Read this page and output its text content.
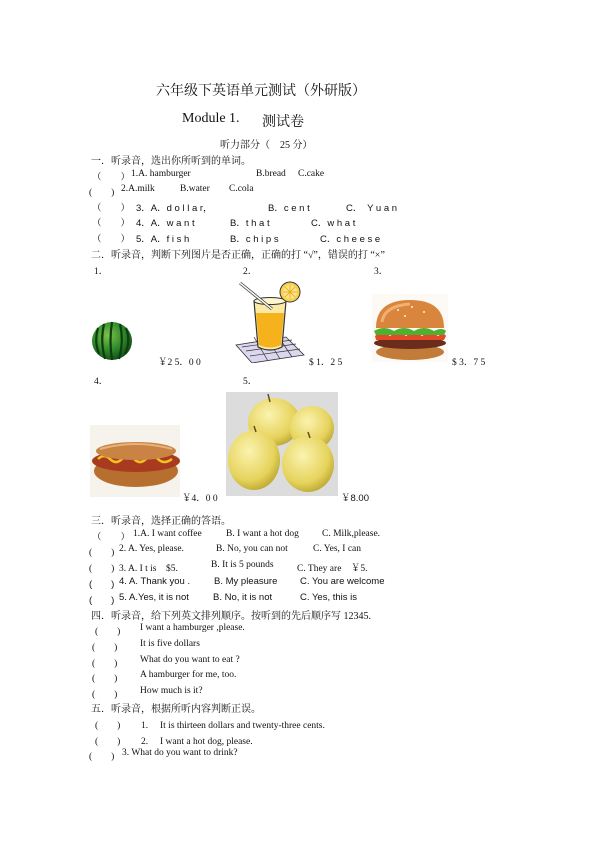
六年级下英语单元测试（外研版）
Module 1. 测试卷
听力部分（　25 分）
一．听录音，选出你所听到的单词。
（　　） 1.A. hamburger	B.bread C.cake
(　　) 2.A.milk	B.water C.cola
（　　） 3．A．d o l l a r，	B．c e n t	C．　Y u a n
（　　） 4．A．w a n t	B．t h a t	C．w h a t
（　　） 5．A．f i s h	B．c h i p s	C．c h e e s e
二．听录音，判断下列图片是否正确，正确的打 “√”，错误的打 “×”
1．	2．	3．
￥2 5．0 0	$ 1．2 5	$ 3．7 5
4．	5．
￥4．0 0	￥8.00
三．听录音，选择正确的答语。
（　　） 1.A. I want coffee	B. I want a hot dog C. Milk,please.
(　　) 2. A. Yes, please.	B. No, you can not	C. Yes, I can
(　　) 3. A. I t is　$5.	B. It is 5 pounds C. They are　￥5.
(　　) 4. A. Thank you .	B. My pleasure C. You are welcome
(　　) 5. A.Yes, it is not	B. No, it is not	C. Yes, this is
四．听录音，给下列英文排列顺序。按听到的先后顺序写 12345.
(　　) I want a hamburger ,please.
(　　) It is five dollars
(　　) What do you want to eat ?
(　　) A hamburger for me, too.
(　　) How much is it?
五．听录音，根据所听内容判断正误。
(　　) 1.　 It is thirteen dollars and twenty-three cents.
(　　) 2.　 I want a hot dog, please.
(　　) 3. What do you want to drink?
